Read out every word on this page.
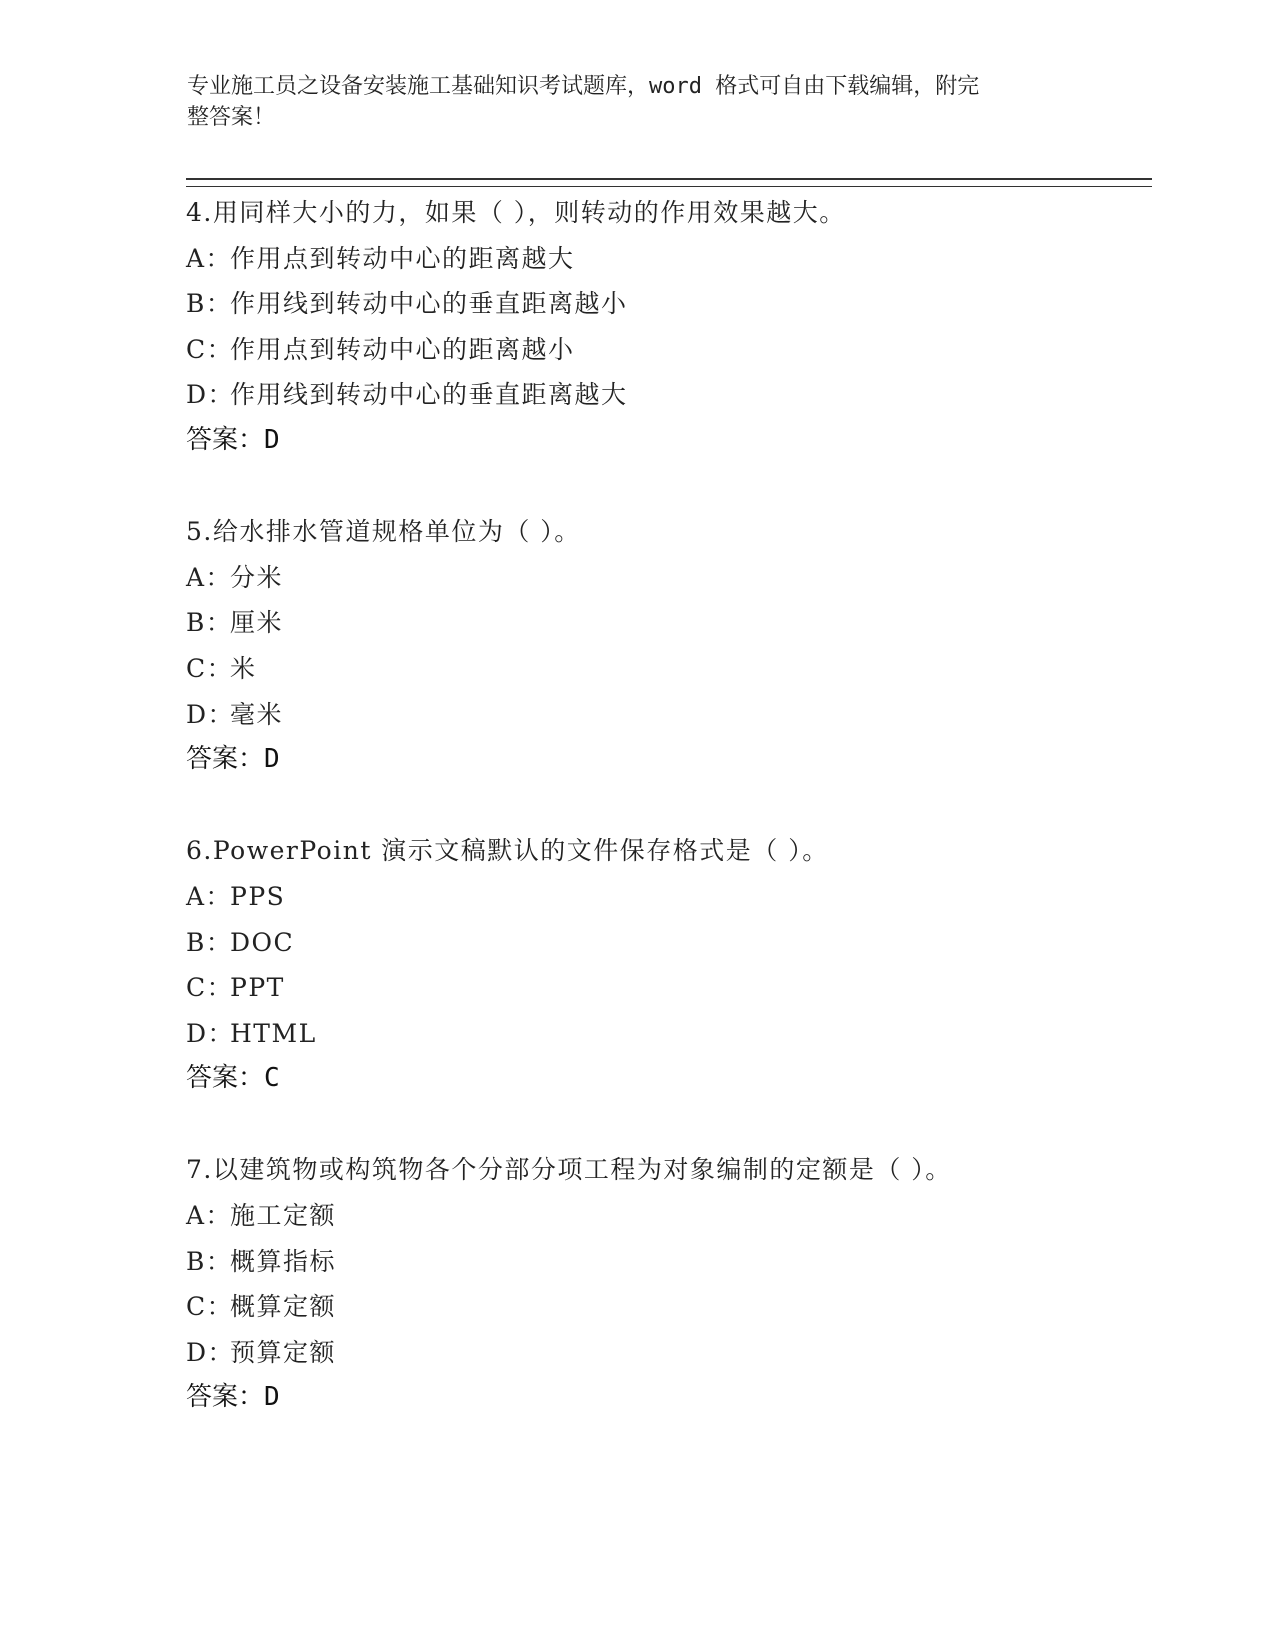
专业施工员之设备安装施工基础知识考试题库，word 格式可自由下载编辑，附完
整答案！
4.用同样大小的力，如果（ ），则转动的作用效果越大。
A：作用点到转动中心的距离越大
B：作用线到转动中心的垂直距离越小
C：作用点到转动中心的距离越小
D：作用线到转动中心的垂直距离越大
答案：D
5.给水排水管道规格单位为（ ）。
A：分米
B：厘米
C：米
D：毫米
答案：D
6.PowerPoint 演示文稿默认的文件保存格式是（ ）。
A：PPS
B：DOC
C：PPT
D：HTML
答案：C
7.以建筑物或构筑物各个分部分项工程为对象编制的定额是（ ）。
A：施工定额
B：概算指标
C：概算定额
D：预算定额
答案：D
